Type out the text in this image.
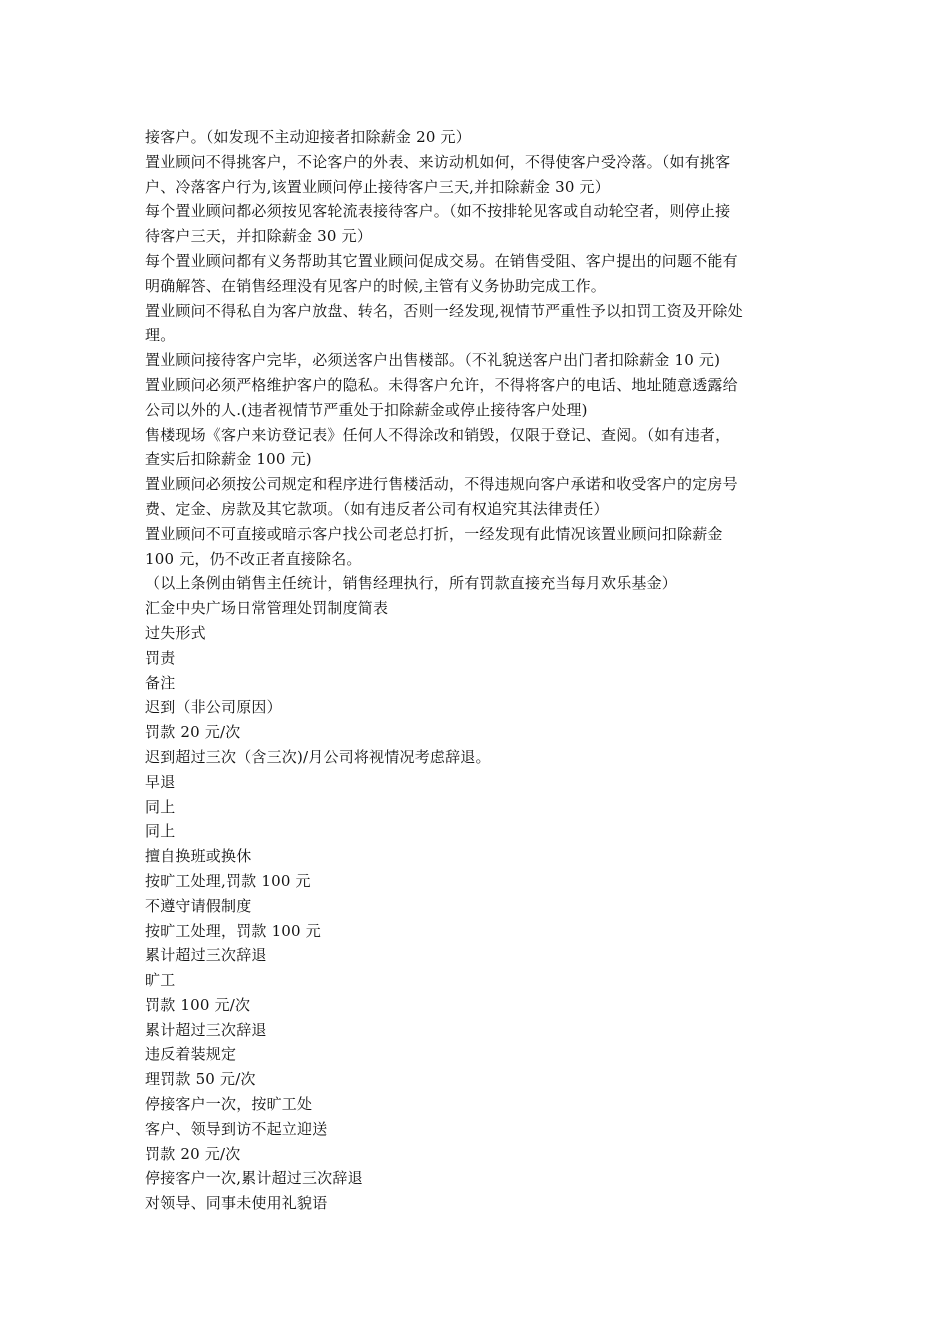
接客户。（如发现不主动迎接者扣除薪金 20 元）
置业顾问不得挑客户，不论客户的外表、来访动机如何，不得使客户受冷落。（如有挑客
户、冷落客户行为,该置业顾问停止接待客户三天,并扣除薪金 30 元）
每个置业顾问都必须按见客轮流表接待客户。（如不按排轮见客或自动轮空者，则停止接
待客户三天，并扣除薪金 30 元）
每个置业顾问都有义务帮助其它置业顾问促成交易。在销售受阻、客户提出的问题不能有
明确解答、在销售经理没有见客户的时候,主管有义务协助完成工作。
置业顾问不得私自为客户放盘、转名，否则一经发现,视情节严重性予以扣罚工资及开除处
理。
置业顾问接待客户完毕，必须送客户出售楼部。（不礼貌送客户出门者扣除薪金 10 元)
置业顾问必须严格维护客户的隐私。未得客户允许，不得将客户的电话、地址随意透露给
公司以外的人.(违者视情节严重处于扣除薪金或停止接待客户处理)
售楼现场《客户来访登记表》任何人不得涂改和销毁，仅限于登记、查阅。（如有违者，
查实后扣除薪金 100 元)
置业顾问必须按公司规定和程序进行售楼活动，不得违规向客户承诺和收受客户的定房号
费、定金、房款及其它款项。（如有违反者公司有权追究其法律责任）
置业顾问不可直接或暗示客户找公司老总打折，一经发现有此情况该置业顾问扣除薪金
100 元，仍不改正者直接除名。
（以上条例由销售主任统计，销售经理执行，所有罚款直接充当每月欢乐基金）
汇金中央广场日常管理处罚制度简表
过失形式
罚责
备注
迟到（非公司原因）
罚款 20 元/次
迟到超过三次（含三次)/月公司将视情况考虑辞退。
早退
同上
同上
擅自换班或换休
按旷工处理,罚款 100 元
不遵守请假制度
按旷工处理，罚款 100 元
累计超过三次辞退
旷工
罚款 100 元/次
累计超过三次辞退
违反着装规定
理罚款 50 元/次
停接客户一次，按旷工处
客户、领导到访不起立迎送
罚款 20 元/次
停接客户一次,累计超过三次辞退
对领导、同事未使用礼貌语
